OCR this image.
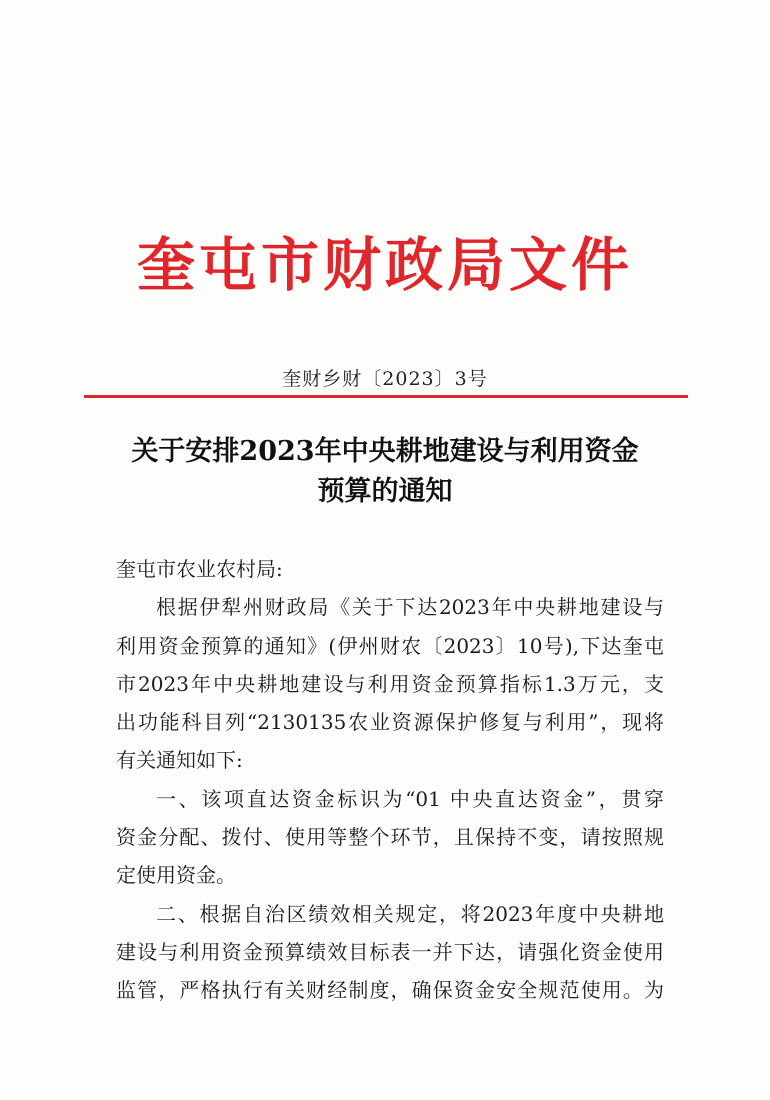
奎屯市财政局文件
奎财乡财〔2023〕3号
关于安排2023年中央耕地建设与利用资金
预算的通知
奎屯市农业农村局:
根据伊犁州财政局《关于下达2023年中央耕地建设与
利用资金预算的通知》(伊州财农〔2023〕10号),下达奎屯
市2023年中央耕地建设与利用资金预算指标1.3万元，支
出功能科目列“2130135农业资源保护修复与利用”，现将
有关通知如下:
一、该项直达资金标识为“01 中央直达资金”，贯穿
资金分配、拨付、使用等整个环节，且保持不变，请按照规
定使用资金。
二、根据自治区绩效相关规定，将2023年度中央耕地
建设与利用资金预算绩效目标表一并下达，请强化资金使用
监管，严格执行有关财经制度，确保资金安全规范使用。为
